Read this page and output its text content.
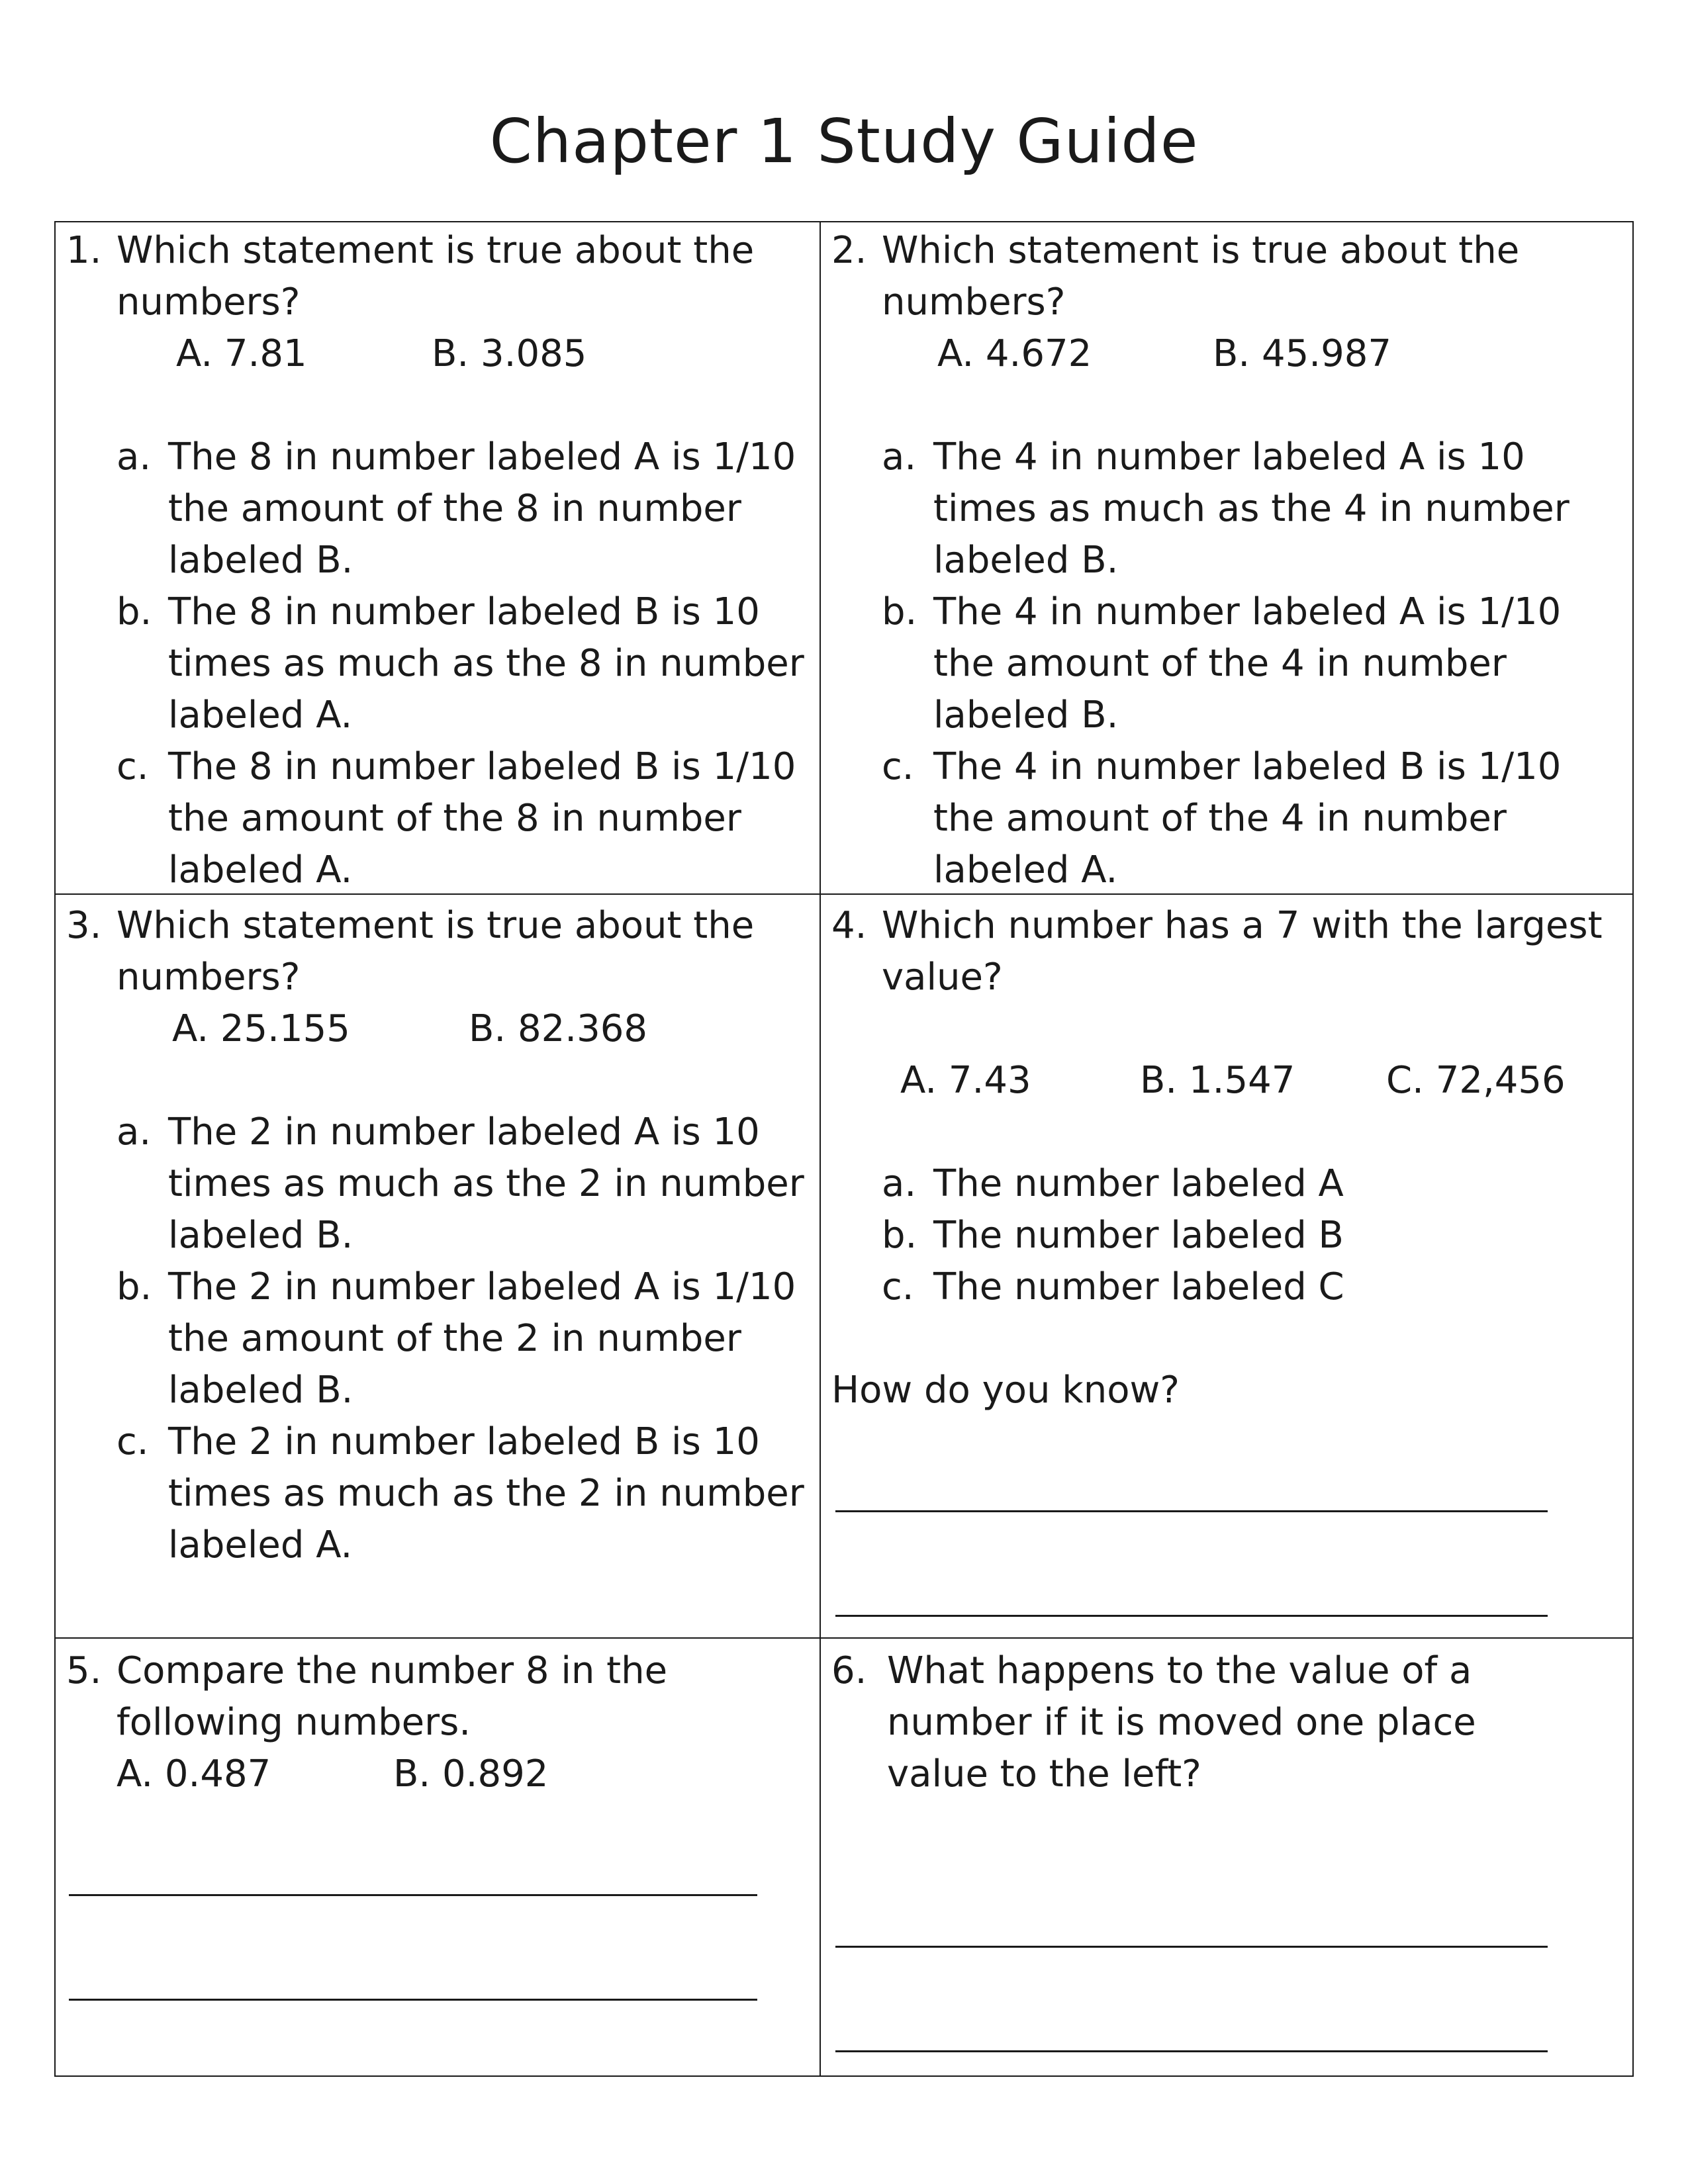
Chapter 1 Study Guide
1. Which statement is true about the numbers?
A. 7.81	B. 3.085
a. The 8 in number labeled A is 1/10 the amount of the 8 in number labeled B.
b. The 8 in number labeled B is 10 times as much as the 8 in number labeled A.
c. The 8 in number labeled B is 1/10 the amount of the 8 in number labeled A.
2. Which statement is true about the numbers?
A. 4.672	B. 45.987
a. The 4 in number labeled A is 10 times as much as the 4 in number labeled B.
b. The 4 in number labeled A is 1/10 the amount of the 4 in number labeled B.
c. The 4 in number labeled B is 1/10 the amount of the 4 in number labeled A.
3. Which statement is true about the numbers?
A. 25.155	B. 82.368
a. The 2 in number labeled A is 10 times as much as the 2 in number labeled B.
b. The 2 in number labeled A is 1/10 the amount of the 2 in number labeled B.
c. The 2 in number labeled B is 10 times as much as the 2 in number labeled A.
4. Which number has a 7 with the largest value?
A. 7.43	B. 1.547 C. 72,456
a. The number labeled A
b. The number labeled B
c. The number labeled C
How do you know?
5. Compare the number 8 in the following numbers.
A. 0.487	B. 0.892
6. What happens to the value of a number if it is moved one place value to the left?
